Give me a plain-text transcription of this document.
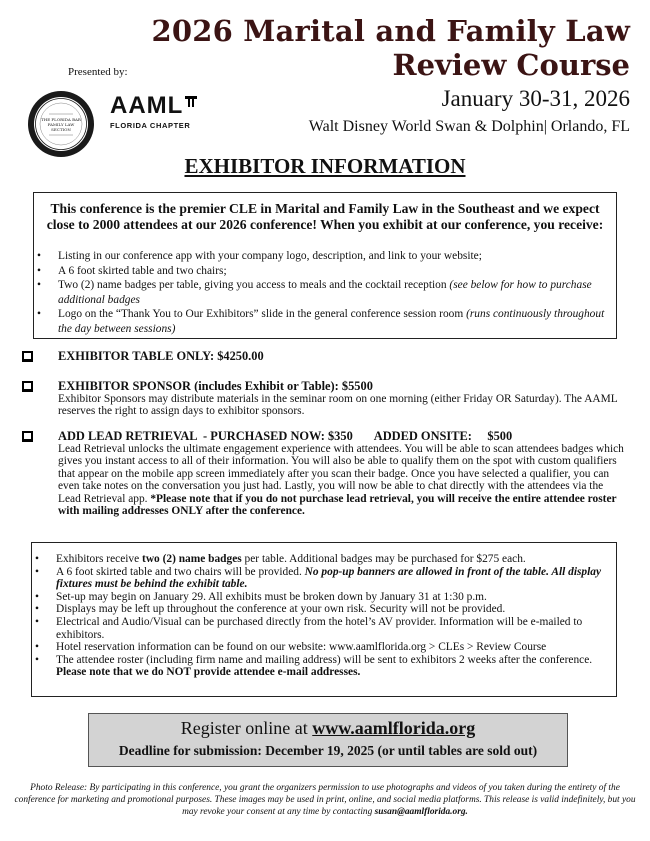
2026 Marital and Family Law
Review Course
January 30-31, 2026
Walt Disney World Swan & Dolphin| Orlando, FL
Presented by:
THE FLORIDA BAR
FAMILY LAW
SECTION
AAML
FLORIDA CHAPTER
EXHIBITOR INFORMATION
This conference is the premier CLE in Marital and Family Law in the Southeast and we expect close to 2000 attendees at our 2026 conference! When you exhibit at our conference, you receive:
• Listing in our conference app with your company logo, description, and link to your website;
• A 6 foot skirted table and two chairs;
• Two (2) name badges per table, giving you access to meals and the cocktail reception (see below for how to purchase additional badges
• Logo on the “Thank You to Our Exhibitors” slide in the general conference session room (runs continuously throughout the day between sessions)
EXHIBITOR TABLE ONLY: $4250.00
EXHIBITOR SPONSOR (includes Exhibit or Table): $5500
Exhibitor Sponsors may distribute materials in the seminar room on one morning (either Friday OR Saturday). The AAML reserves the right to assign days to exhibitor sponsors.
ADD LEAD RETRIEVAL  - PURCHASED NOW: $350       ADDED ONSITE:     $500
Lead Retrieval unlocks the ultimate engagement experience with attendees. You will be able to scan attendees badges which gives you instant access to all of their information. You will also be able to qualify them on the spot with custom qualifiers that appear on the mobile app screen immediately after you scan their badge. Once you have selected a qualifier, you can even take notes on the conversation you just had. Lastly, you will now be able to chat directly with the attendees via the Lead Retrieval app. *Please note that if you do not purchase lead retrieval, you will receive the entire attendee roster with mailing addresses ONLY after the conference.
• Exhibitors receive two (2) name badges per table. Additional badges may be purchased for $275 each.
• A 6 foot skirted table and two chairs will be provided. No pop-up banners are allowed in front of the table. All display fixtures must be behind the exhibit table.
• Set-up may begin on January 29. All exhibits must be broken down by January 31 at 1:30 p.m.
• Displays may be left up throughout the conference at your own risk. Security will not be provided.
• Electrical and Audio/Visual can be purchased directly from the hotel’s AV provider. Information will be e-mailed to exhibitors.
• Hotel reservation information can be found on our website: www.aamlflorida.org > CLEs > Review Course
• The attendee roster (including firm name and mailing address) will be sent to exhibitors 2 weeks after the conference. Please note that we do NOT provide attendee e-mail addresses.
Register online at www.aamlflorida.org
Deadline for submission: December 19, 2025 (or until tables are sold out)
Photo Release: By participating in this conference, you grant the organizers permission to use photographs and videos of you taken during the entirety of the conference for marketing and promotional purposes. These images may be used in print, online, and social media platforms. This release is valid indefinitely, but you may revoke your consent at any time by contacting susan@aamlflorida.org.
